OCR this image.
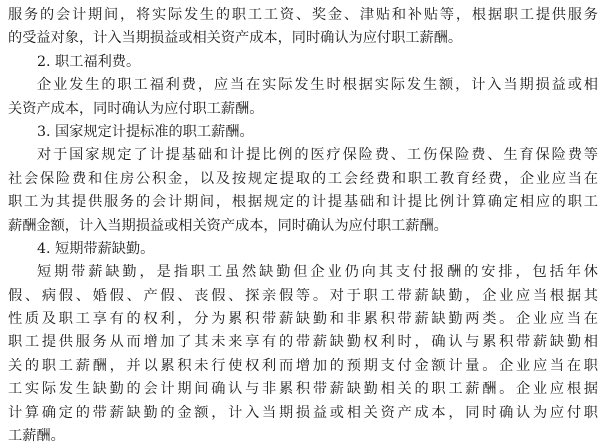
服务的会计期间，将实际发生的职工工资、奖金、津贴和补贴等，根据职工提供服务
的受益对象，计入当期损益或相关资产成本，同时确认为应付职工薪酬。
2. 职工福利费。
企业发生的职工福利费，应当在实际发生时根据实际发生额，计入当期损益或相
关资产成本，同时确认为应付职工薪酬。
3. 国家规定计提标准的职工薪酬。
对于国家规定了计提基础和计提比例的医疗保险费、工伤保险费、生育保险费等
社会保险费和住房公积金，以及按规定提取的工会经费和职工教育经费，企业应当在
职工为其提供服务的会计期间，根据规定的计提基础和计提比例计算确定相应的职工
薪酬金额，计入当期损益或相关资产成本，同时确认为应付职工薪酬。
4. 短期带薪缺勤。
短期带薪缺勤，是指职工虽然缺勤但企业仍向其支付报酬的安排，包括年休
假、病假、婚假、产假、丧假、探亲假等。对于职工带薪缺勤，企业应当根据其
性质及职工享有的权利，分为累积带薪缺勤和非累积带薪缺勤两类。企业应当在
职工提供服务从而增加了其未来享有的带薪缺勤权利时，确认与累积带薪缺勤相
关的职工薪酬，并以累积未行使权利而增加的预期支付金额计量。企业应当在职
工实际发生缺勤的会计期间确认与非累积带薪缺勤相关的职工薪酬。企业应根据
计算确定的带薪缺勤的金额，计入当期损益或相关资产成本，同时确认为应付职
工薪酬。
